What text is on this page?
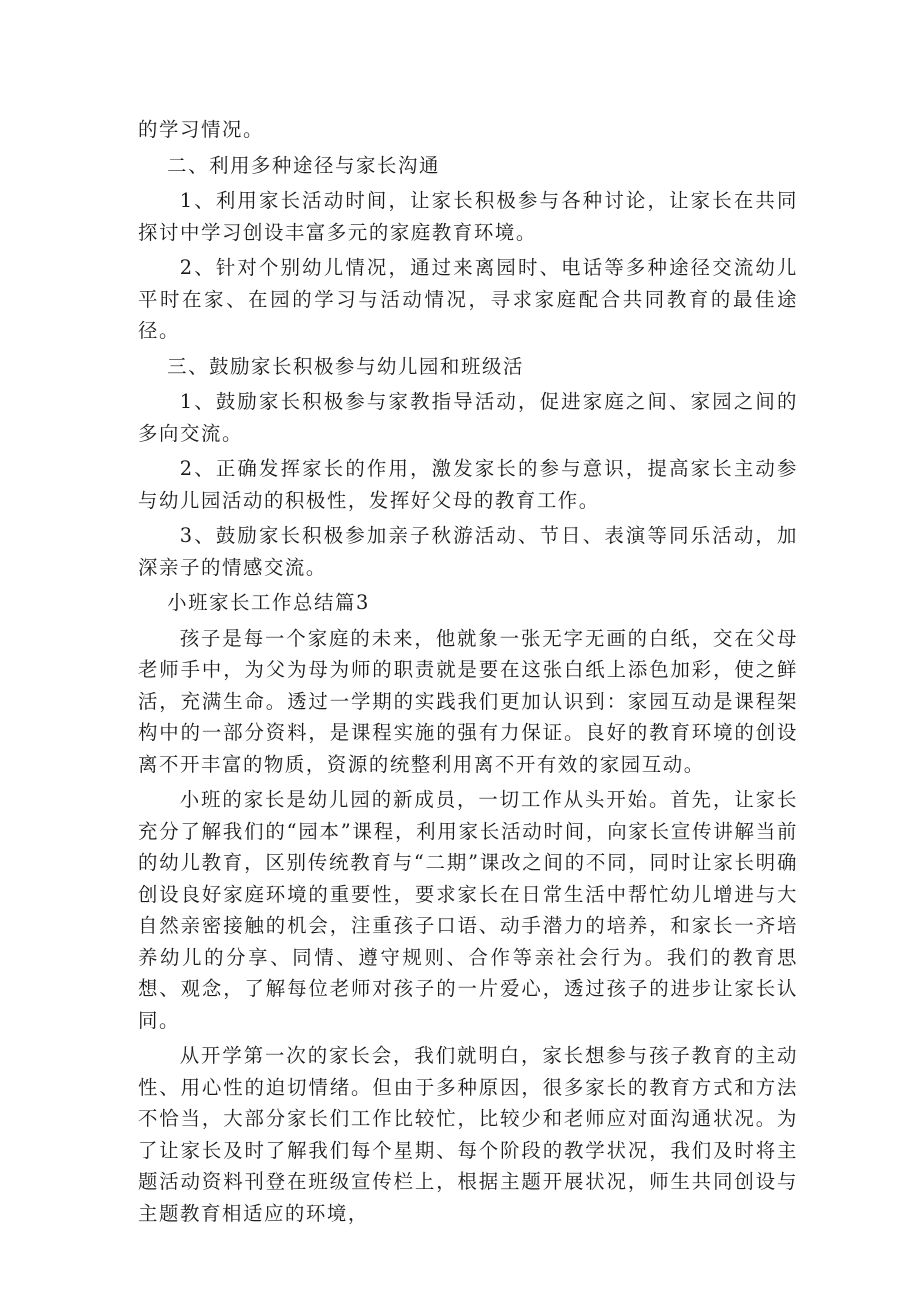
的学习情况。

二、利用多种途径与家长沟通

1、利用家长活动时间，让家长积极参与各种讨论，让家长在共同探讨中学习创设丰富多元的家庭教育环境。

2、针对个别幼儿情况，通过来离园时、电话等多种途径交流幼儿平时在家、在园的学习与活动情况，寻求家庭配合共同教育的最佳途径。

三、鼓励家长积极参与幼儿园和班级活

1、鼓励家长积极参与家教指导活动，促进家庭之间、家园之间的多向交流。

2、正确发挥家长的作用，激发家长的参与意识，提高家长主动参与幼儿园活动的积极性，发挥好父母的教育工作。

3、鼓励家长积极参加亲子秋游活动、节日、表演等同乐活动，加深亲子的情感交流。

小班家长工作总结篇3

孩子是每一个家庭的未来，他就象一张无字无画的白纸，交在父母老师手中，为父为母为师的职责就是要在这张白纸上添色加彩，使之鲜活，充满生命。透过一学期的实践我们更加认识到：家园互动是课程架构中的一部分资料，是课程实施的强有力保证。良好的教育环境的创设离不开丰富的物质，资源的统整利用离不开有效的家园互动。

小班的家长是幼儿园的新成员，一切工作从头开始。首先，让家长充分了解我们的“园本”课程，利用家长活动时间，向家长宣传讲解当前的幼儿教育，区别传统教育与“二期”课改之间的不同，同时让家长明确创设良好家庭环境的重要性，要求家长在日常生活中帮忙幼儿增进与大自然亲密接触的机会，注重孩子口语、动手潜力的培养，和家长一齐培养幼儿的分享、同情、遵守规则、合作等亲社会行为。我们的教育思想、观念，了解每位老师对孩子的一片爱心，透过孩子的进步让家长认同。

从开学第一次的家长会，我们就明白，家长想参与孩子教育的主动性、用心性的迫切情绪。但由于多种原因，很多家长的教育方式和方法不恰当，大部分家长们工作比较忙，比较少和老师应对面沟通状况。为了让家长及时了解我们每个星期、每个阶段的教学状况，我们及时将主题活动资料刊登在班级宣传栏上，根据主题开展状况，师生共同创设与主题教育相适应的环境，
